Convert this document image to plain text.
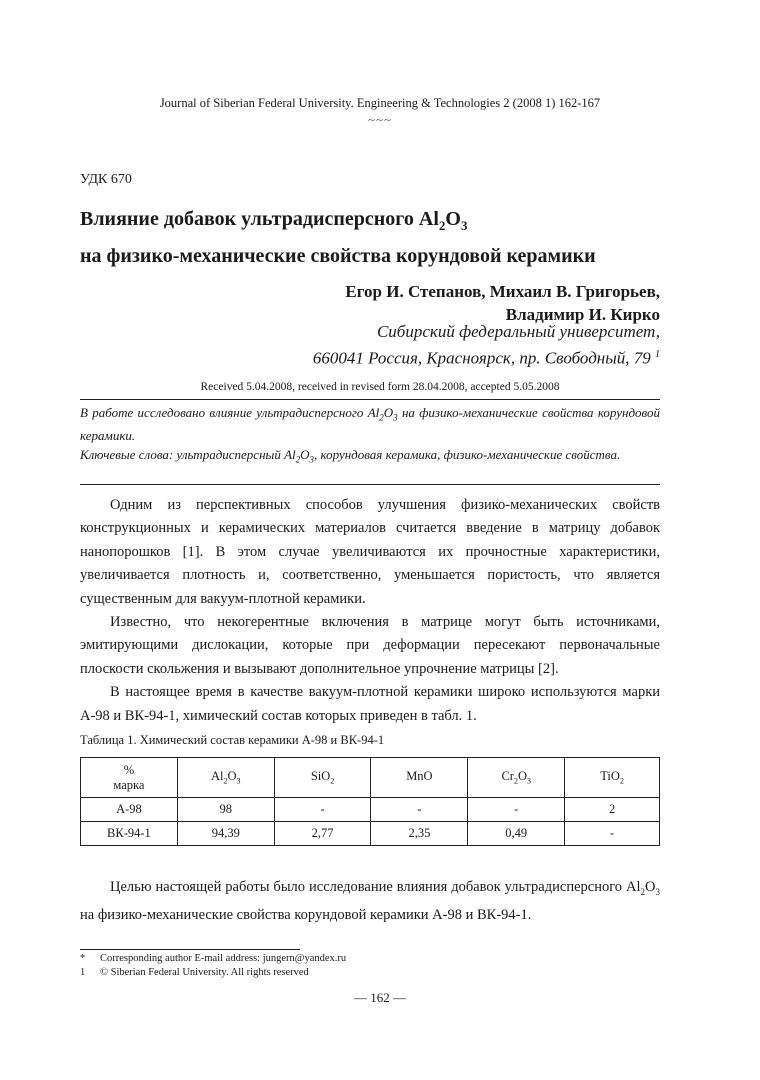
Journal of Siberian Federal University. Engineering & Technologies 2 (2008 1) 162-167
~~~
УДК 670
Влияние добавок ультрадисперсного $Al_2O_3$
на физико-механические свойства корундовой керамики
Егор И. Степанов, Михаил В. Григорьев,
Владимир И. Кирко
Сибирский федеральный университет,
660041 Россия, Красноярск, пр. Свободный, 79 $^1$
Received 5.04.2008, received in revised form 28.04.2008, accepted 5.05.2008
В работе исследовано влияние ультрадисперсного $Al_2O_3$ на физико-механические свойства корундовой керамики.
Ключевые слова: ультрадисперсный $Al_2O_3$, корундовая керамика, физико-механические свойства.

Одним из перспективных способов улучшения физико-механических свойств конструкционных и керамических материалов считается введение в матрицу добавок нанопорошков [1]. В этом случае увеличиваются их прочностные характеристики, увеличивается плотность и, соответственно, уменьшается пористость, что является существенным для вакуум-плотной керамики.

Известно, что некогерентные включения в матрице могут быть источниками, эмитирующими дислокации, которые при деформации пересекают первоначальные плоскости скольжения и вызывают дополнительное упрочнение матрицы [2].

В настоящее время в качестве вакуум-плотной керамики широко используются марки А-98 и ВК-94-1, химический состав которых приведен в табл. 1.

Таблица 1. Химический состав керамики А-98 и ВК-94-1
%
марка	$Al_2O_3$	SiO$_2$	MnO	$Cr_2O_3$	TiO$_2$
А-98	98	-	-	-	2
ВК-94-1	94,39	2,77	2,35	0,49	-

Целью настоящей работы было исследование влияния добавок ультрадисперсного $Al_2O_3$ на физико-механические свойства корундовой керамики А-98 и ВК-94-1.

* Corresponding author E-mail address: jungern@yandex.ru
1 © Siberian Federal University. All rights reserved
— 162 —
